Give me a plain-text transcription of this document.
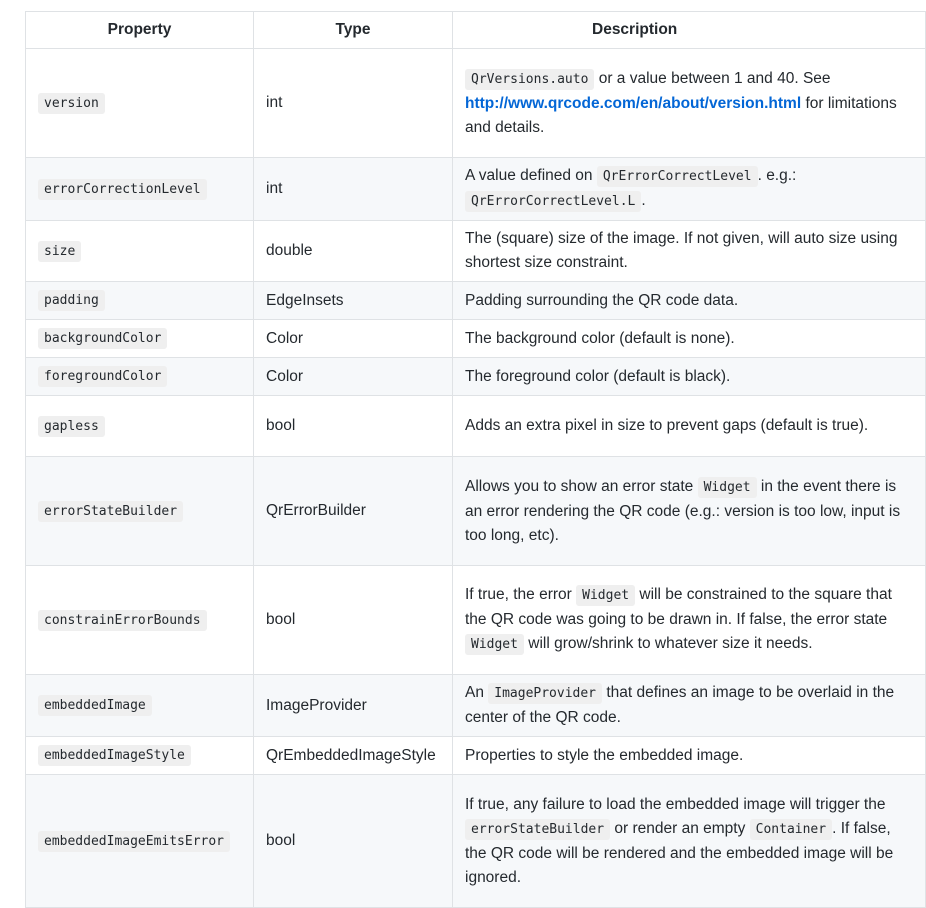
Property	Type	Description
version	int	QrVersions.auto or a value between 1 and 40. See http://www.qrcode.com/en/about/version.html for limitations and details.
errorCorrectionLevel	int	A value defined on QrErrorCorrectLevel . e.g.: QrErrorCorrectLevel.L .
size	double	The (square) size of the image. If not given, will auto size using shortest size constraint.
padding	EdgeInsets	Padding surrounding the QR code data.
backgroundColor	Color	The background color (default is none).
foregroundColor	Color	The foreground color (default is black).
gapless	bool	Adds an extra pixel in size to prevent gaps (default is true).
errorStateBuilder	QrErrorBuilder	Allows you to show an error state Widget in the event there is an error rendering the QR code (e.g.: version is too low, input is too long, etc).
constrainErrorBounds	bool	If true, the error Widget will be constrained to the square that the QR code was going to be drawn in. If false, the error state Widget will grow/shrink to whatever size it needs.
embeddedImage	ImageProvider	An ImageProvider that defines an image to be overlaid in the center of the QR code.
embeddedImageStyle	QrEmbeddedImageStyle	Properties to style the embedded image.
embeddedImageEmitsError	bool	If true, any failure to load the embedded image will trigger the errorStateBuilder or render an empty Container . If false, the QR code will be rendered and the embedded image will be ignored.
